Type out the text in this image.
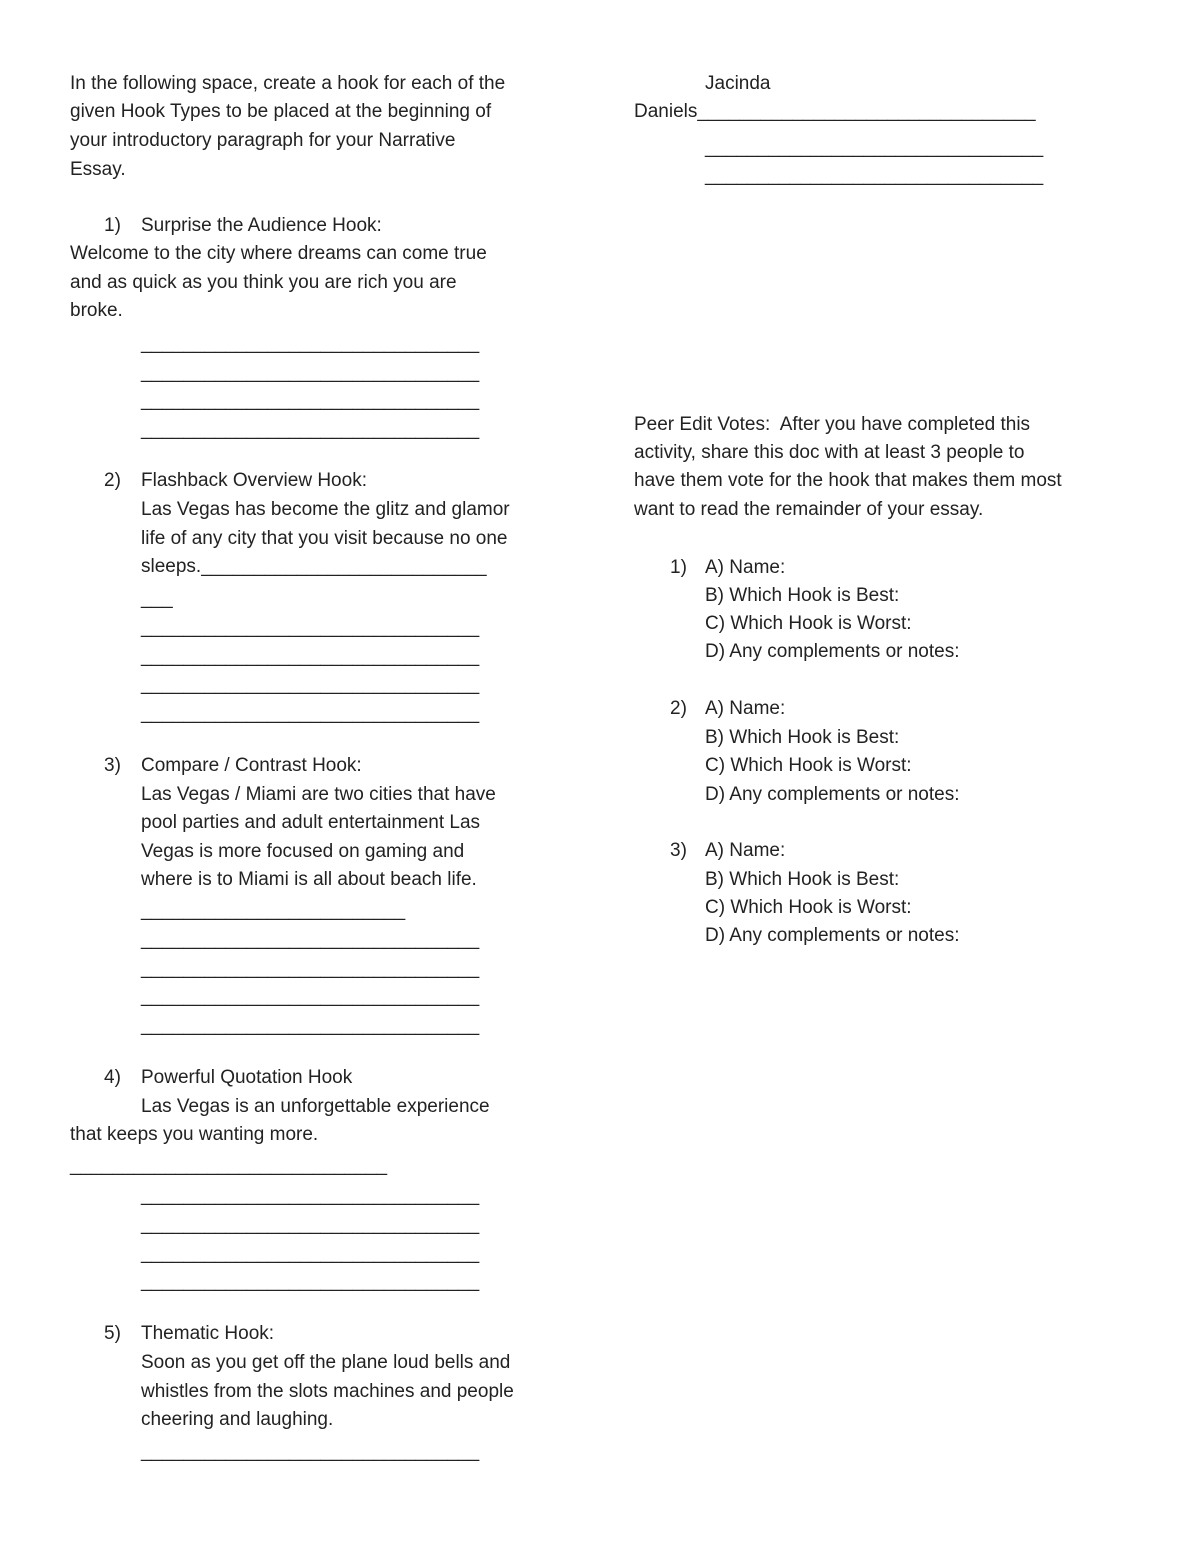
In the following space, create a hook for each of the
given Hook Types to be placed at the beginning of
your introductory paragraph for your Narrative
Essay.
1) Surprise the Audience Hook:
Welcome to the city where dreams can come true
and as quick as you think you are rich you are
broke.
________________________________
________________________________
________________________________
________________________________
2) Flashback Overview Hook:
Las Vegas has become the glitz and glamor
life of any city that you visit because no one
sleeps.___________________________
___
________________________________
________________________________
________________________________
________________________________
3) Compare / Contrast Hook:
Las Vegas / Miami are two cities that have
pool parties and adult entertainment Las
Vegas is more focused on gaming and
where is to Miami is all about beach life.
_________________________
________________________________
________________________________
________________________________
________________________________
4) Powerful Quotation Hook
Las Vegas is an unforgettable experience
that keeps you wanting more.
______________________________
________________________________
________________________________
________________________________
________________________________
5) Thematic Hook:
Soon as you get off the plane loud bells and
whistles from the slots machines and people
cheering and laughing.
________________________________
Jacinda
Daniels________________________________
________________________________
________________________________
Peer Edit Votes:  After you have completed this
activity, share this doc with at least 3 people to
have them vote for the hook that makes them most
want to read the remainder of your essay.
1) A) Name:
B) Which Hook is Best:
C) Which Hook is Worst:
D) Any complements or notes:
2) A) Name:
B) Which Hook is Best:
C) Which Hook is Worst:
D) Any complements or notes:
3) A) Name:
B) Which Hook is Best:
C) Which Hook is Worst:
D) Any complements or notes:
